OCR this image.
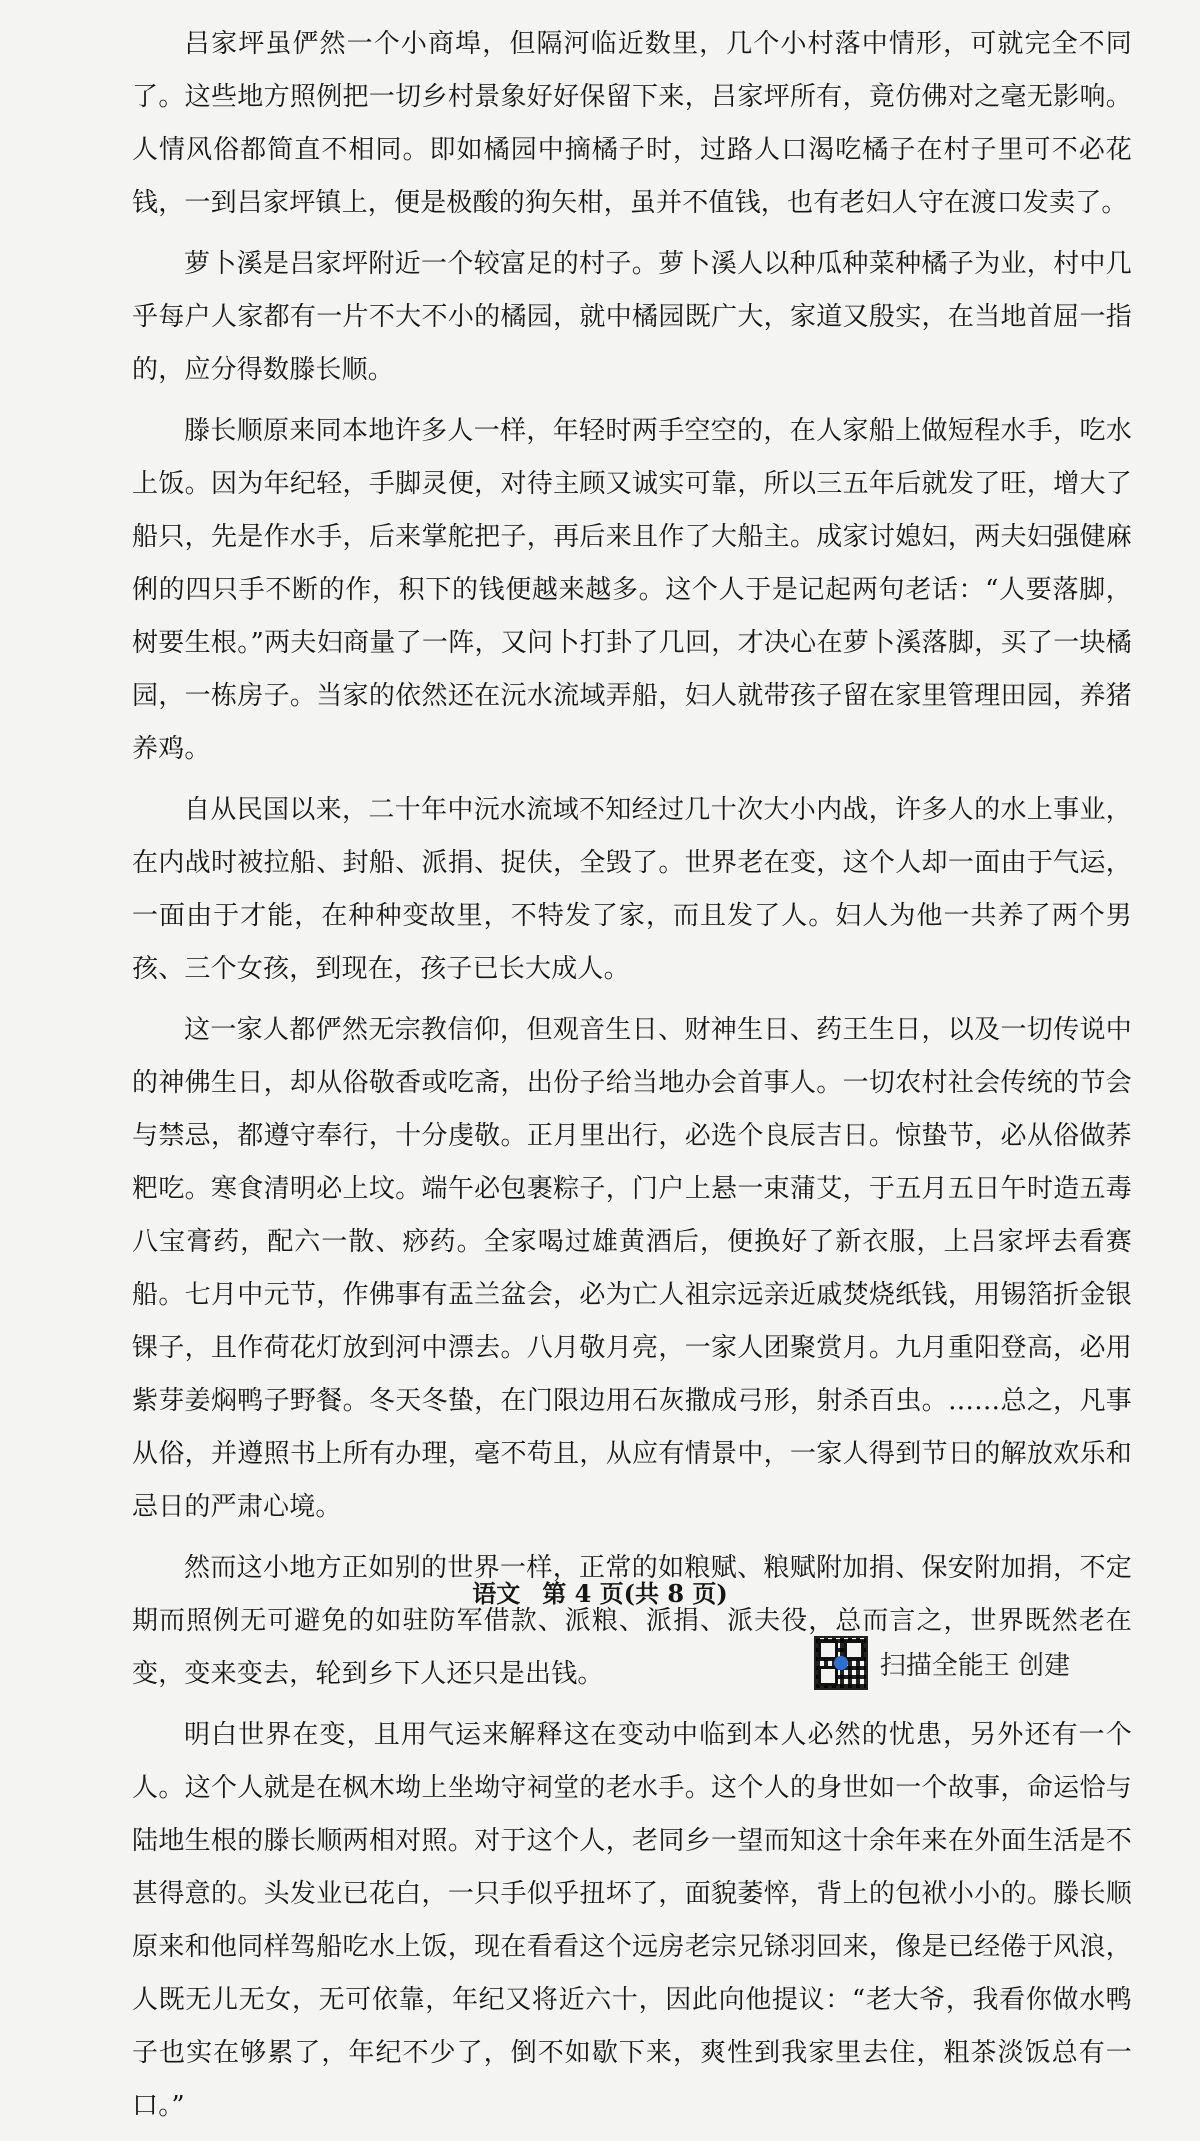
吕家坪虽俨然一个小商埠，但隔河临近数里，几个小村落中情形，可就完全不同了。这些地方照例把一切乡村景象好好保留下来，吕家坪所有，竟仿佛对之毫无影响。人情风俗都简直不相同。即如橘园中摘橘子时，过路人口渴吃橘子在村子里可不必花钱，一到吕家坪镇上，便是极酸的狗矢柑，虽并不值钱，也有老妇人守在渡口发卖了。

萝卜溪是吕家坪附近一个较富足的村子。萝卜溪人以种瓜种菜种橘子为业，村中几乎每户人家都有一片不大不小的橘园，就中橘园既广大，家道又殷实，在当地首屈一指的，应分得数滕长顺。

滕长顺原来同本地许多人一样，年轻时两手空空的，在人家船上做短程水手，吃水上饭。因为年纪轻，手脚灵便，对待主顾又诚实可靠，所以三五年后就发了旺，增大了船只，先是作水手，后来掌舵把子，再后来且作了大船主。成家讨媳妇，两夫妇强健麻俐的四只手不断的作，积下的钱便越来越多。这个人于是记起两句老话：“人要落脚，树要生根。”两夫妇商量了一阵，又问卜打卦了几回，才决心在萝卜溪落脚，买了一块橘园，一栋房子。当家的依然还在沅水流域弄船，妇人就带孩子留在家里管理田园，养猪养鸡。

自从民国以来，二十年中沅水流域不知经过几十次大小内战，许多人的水上事业，在内战时被拉船、封船、派捐、捉伕，全毁了。世界老在变，这个人却一面由于气运，一面由于才能，在种种变故里，不特发了家，而且发了人。妇人为他一共养了两个男孩、三个女孩，到现在，孩子已长大成人。

这一家人都俨然无宗教信仰，但观音生日、财神生日、药王生日，以及一切传说中的神佛生日，却从俗敬香或吃斋，出份子给当地办会首事人。一切农村社会传统的节会与禁忌，都遵守奉行，十分虔敬。正月里出行，必选个良辰吉日。惊蛰节，必从俗做荞粑吃。寒食清明必上坟。端午必包裹粽子，门户上悬一束蒲艾，于五月五日午时造五毒八宝膏药，配六一散、痧药。全家喝过雄黄酒后，便换好了新衣服，上吕家坪去看赛船。七月中元节，作佛事有盂兰盆会，必为亡人祖宗远亲近戚焚烧纸钱，用锡箔折金银锞子，且作荷花灯放到河中漂去。八月敬月亮，一家人团聚赏月。九月重阳登高，必用紫芽姜焖鸭子野餐。冬天冬蛰，在门限边用石灰撒成弓形，射杀百虫。……总之，凡事从俗，并遵照书上所有办理，毫不苟且，从应有情景中，一家人得到节日的解放欢乐和忌日的严肃心境。

然而这小地方正如别的世界一样，正常的如粮赋、粮赋附加捐、保安附加捐，不定期而照例无可避免的如驻防军借款、派粮、派捐、派夫役，总而言之，世界既然老在变，变来变去，轮到乡下人还只是出钱。

明白世界在变，且用气运来解释这在变动中临到本人必然的忧患，另外还有一个人。这个人就是在枫木坳上坐坳守祠堂的老水手。这个人的身世如一个故事，命运恰与陆地生根的滕长顺两相对照。对于这个人，老同乡一望而知这十余年来在外面生活是不甚得意的。头发业已花白，一只手似乎扭坏了，面貌萎悴，背上的包袱小小的。滕长顺原来和他同样驾船吃水上饭，现在看看这个远房老宗兄铩羽回来，像是已经倦于风浪，人既无儿无女，无可依靠，年纪又将近六十，因此向他提议：“老大爷，我看你做水鸭子也实在够累了，年纪不少了，倒不如歇下来，爽性到我家里去住，粗茶淡饭总有一口。”

语文 第 4 页(共 8 页)
扫描全能王 创建
